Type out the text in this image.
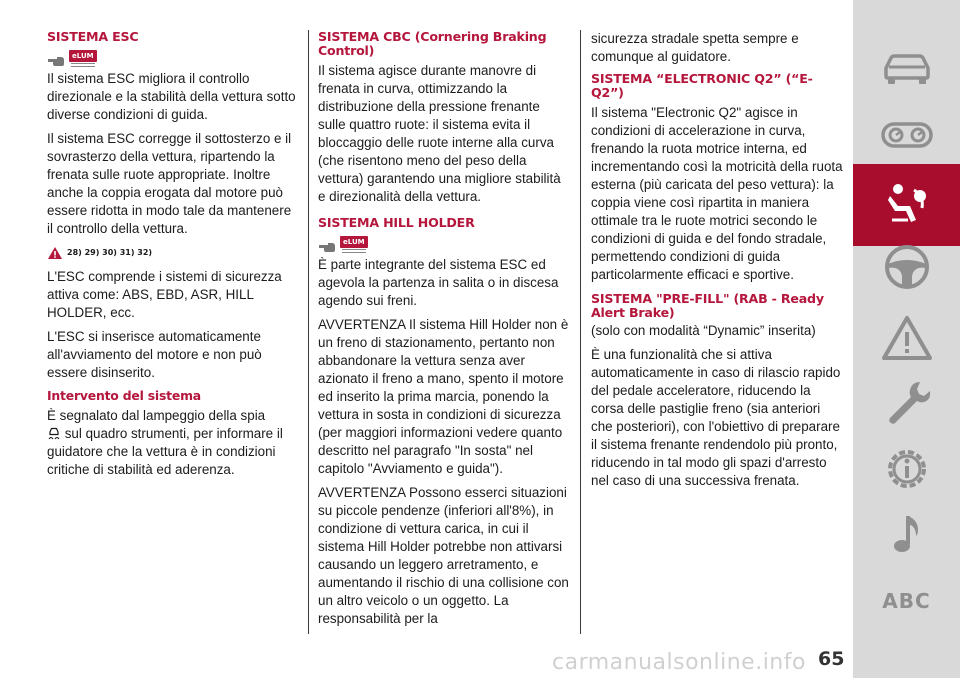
SISTEMA ESC
eLUM

Il sistema ESC migliora il controllo direzionale e la stabilità della vettura sotto diverse condizioni di guida.

Il sistema ESC corregge il sottosterzo e il sovrasterzo della vettura, ripartendo la frenata sulle ruote appropriate. Inoltre anche la coppia erogata dal motore può essere ridotta in modo tale da mantenere il controllo della vettura.

28) 29) 30) 31) 32)

L'ESC comprende i sistemi di sicurezza attiva come: ABS, EBD, ASR, HILL HOLDER, ecc.

L'ESC si inserisce automaticamente all'avviamento del motore e non può essere disinserito.

Intervento del sistema

È segnalato dal lampeggio della spia
sul quadro strumenti, per informare il guidatore che la vettura è in condizioni critiche di stabilità ed aderenza.

SISTEMA CBC (Cornering Braking Control)

Il sistema agisce durante manovre di frenata in curva, ottimizzando la distribuzione della pressione frenante sulle quattro ruote: il sistema evita il bloccaggio delle ruote interne alla curva (che risentono meno del peso della vettura) garantendo una migliore stabilità e direzionalità della vettura.

SISTEMA HILL HOLDER
eLUM

È parte integrante del sistema ESC ed agevola la partenza in salita o in discesa agendo sui freni.

AVVERTENZA Il sistema Hill Holder non è un freno di stazionamento, pertanto non abbandonare la vettura senza aver azionato il freno a mano, spento il motore ed inserito la prima marcia, ponendo la vettura in sosta in condizioni di sicurezza (per maggiori informazioni vedere quanto descritto nel paragrafo "In sosta" nel capitolo "Avviamento e guida").

AVVERTENZA Possono esserci situazioni su piccole pendenze (inferiori all'8%), in condizione di vettura carica, in cui il sistema Hill Holder potrebbe non attivarsi causando un leggero arretramento, e aumentando il rischio di una collisione con un altro veicolo o un oggetto. La responsabilità per la

sicurezza stradale spetta sempre e comunque al guidatore.

SISTEMA “ELECTRONIC Q2” (“E-Q2”)

Il sistema "Electronic Q2" agisce in condizioni di accelerazione in curva, frenando la ruota motrice interna, ed incrementando così la motricità della ruota esterna (più caricata del peso vettura): la coppia viene così ripartita in maniera ottimale tra le ruote motrici secondo le condizioni di guida e del fondo stradale, permettendo condizioni di guida particolarmente efficaci e sportive.

SISTEMA "PRE-FILL" (RAB - Ready Alert Brake)

(solo con modalità “Dynamic” inserita)

È una funzionalità che si attiva automaticamente in caso di rilascio rapido del pedale acceleratore, riducendo la corsa delle pastiglie freno (sia anteriori che posteriori), con l'obiettivo di preparare il sistema frenante rendendolo più pronto, riducendo in tal modo gli spazi d'arresto nel caso di una successiva frenata.

ABC
carmanualsonline.info 65
